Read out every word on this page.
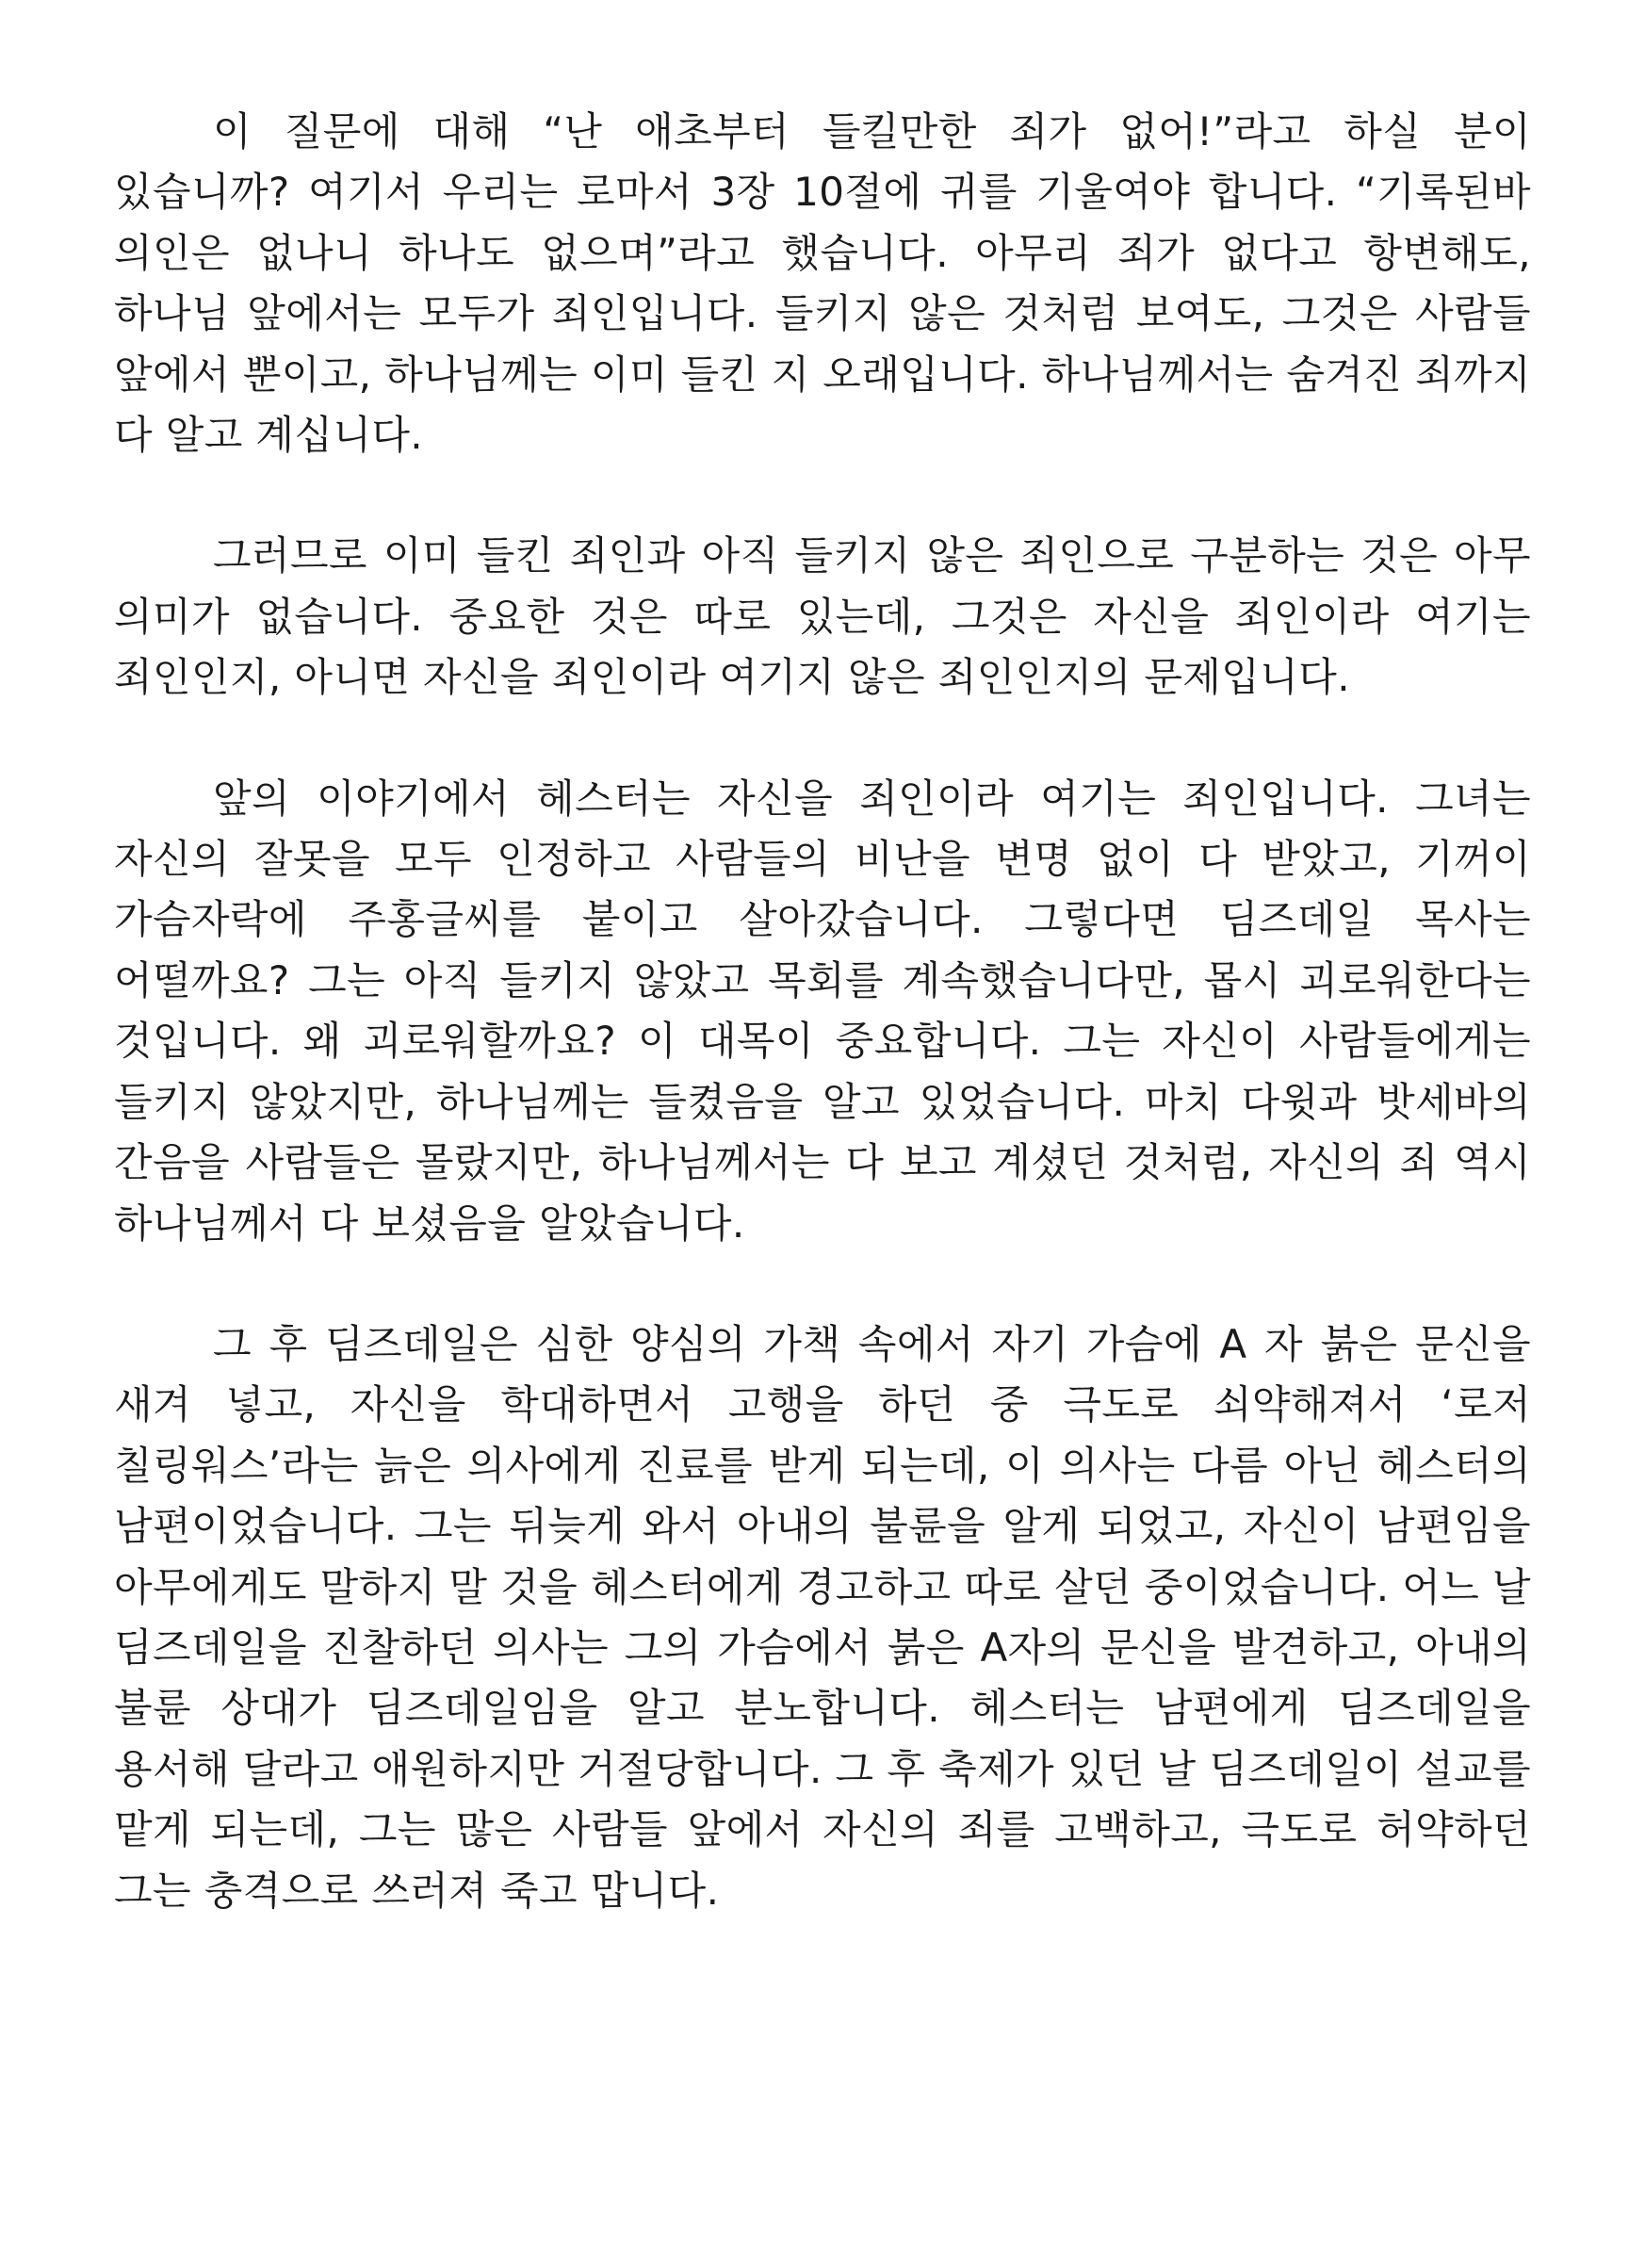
이 질문에 대해 “난 애초부터 들킬만한 죄가 없어!”라고 하실 분이 있습니까? 여기서 우리는 로마서 3장 10절에 귀를 기울여야 합니다. “기록된바 의인은 없나니 하나도 없으며”라고 했습니다. 아무리 죄가 없다고 항변해도, 하나님 앞에서는 모두가 죄인입니다. 들키지 않은 것처럼 보여도, 그것은 사람들 앞에서 뿐이고, 하나님께는 이미 들킨 지 오래입니다. 하나님께서는 숨겨진 죄까지 다 알고 계십니다.

그러므로 이미 들킨 죄인과 아직 들키지 않은 죄인으로 구분하는 것은 아무 의미가 없습니다. 중요한 것은 따로 있는데, 그것은 자신을 죄인이라 여기는 죄인인지, 아니면 자신을 죄인이라 여기지 않은 죄인인지의 문제입니다.

앞의 이야기에서 헤스터는 자신을 죄인이라 여기는 죄인입니다. 그녀는 자신의 잘못을 모두 인정하고 사람들의 비난을 변명 없이 다 받았고, 기꺼이 가슴자락에 주홍글씨를 붙이고 살아갔습니다. 그렇다면 딤즈데일 목사는 어떨까요? 그는 아직 들키지 않았고 목회를 계속했습니다만, 몹시 괴로워한다는 것입니다. 왜 괴로워할까요? 이 대목이 중요합니다. 그는 자신이 사람들에게는 들키지 않았지만, 하나님께는 들켰음을 알고 있었습니다. 마치 다윗과 밧세바의 간음을 사람들은 몰랐지만, 하나님께서는 다 보고 계셨던 것처럼, 자신의 죄 역시 하나님께서 다 보셨음을 알았습니다.

그 후 딤즈데일은 심한 양심의 가책 속에서 자기 가슴에 A 자 붉은 문신을 새겨 넣고, 자신을 학대하면서 고행을 하던 중 극도로 쇠약해져서 ‘로저 칠링워스’라는 늙은 의사에게 진료를 받게 되는데, 이 의사는 다름 아닌 헤스터의 남편이었습니다. 그는 뒤늦게 와서 아내의 불륜을 알게 되었고, 자신이 남편임을 아무에게도 말하지 말 것을 헤스터에게 경고하고 따로 살던 중이었습니다. 어느 날 딤즈데일을 진찰하던 의사는 그의 가슴에서 붉은 A자의 문신을 발견하고, 아내의 불륜 상대가 딤즈데일임을 알고 분노합니다. 헤스터는 남편에게 딤즈데일을 용서해 달라고 애원하지만 거절당합니다. 그 후 축제가 있던 날 딤즈데일이 설교를 맡게 되는데, 그는 많은 사람들 앞에서 자신의 죄를 고백하고, 극도로 허약하던 그는 충격으로 쓰러져 죽고 맙니다.
